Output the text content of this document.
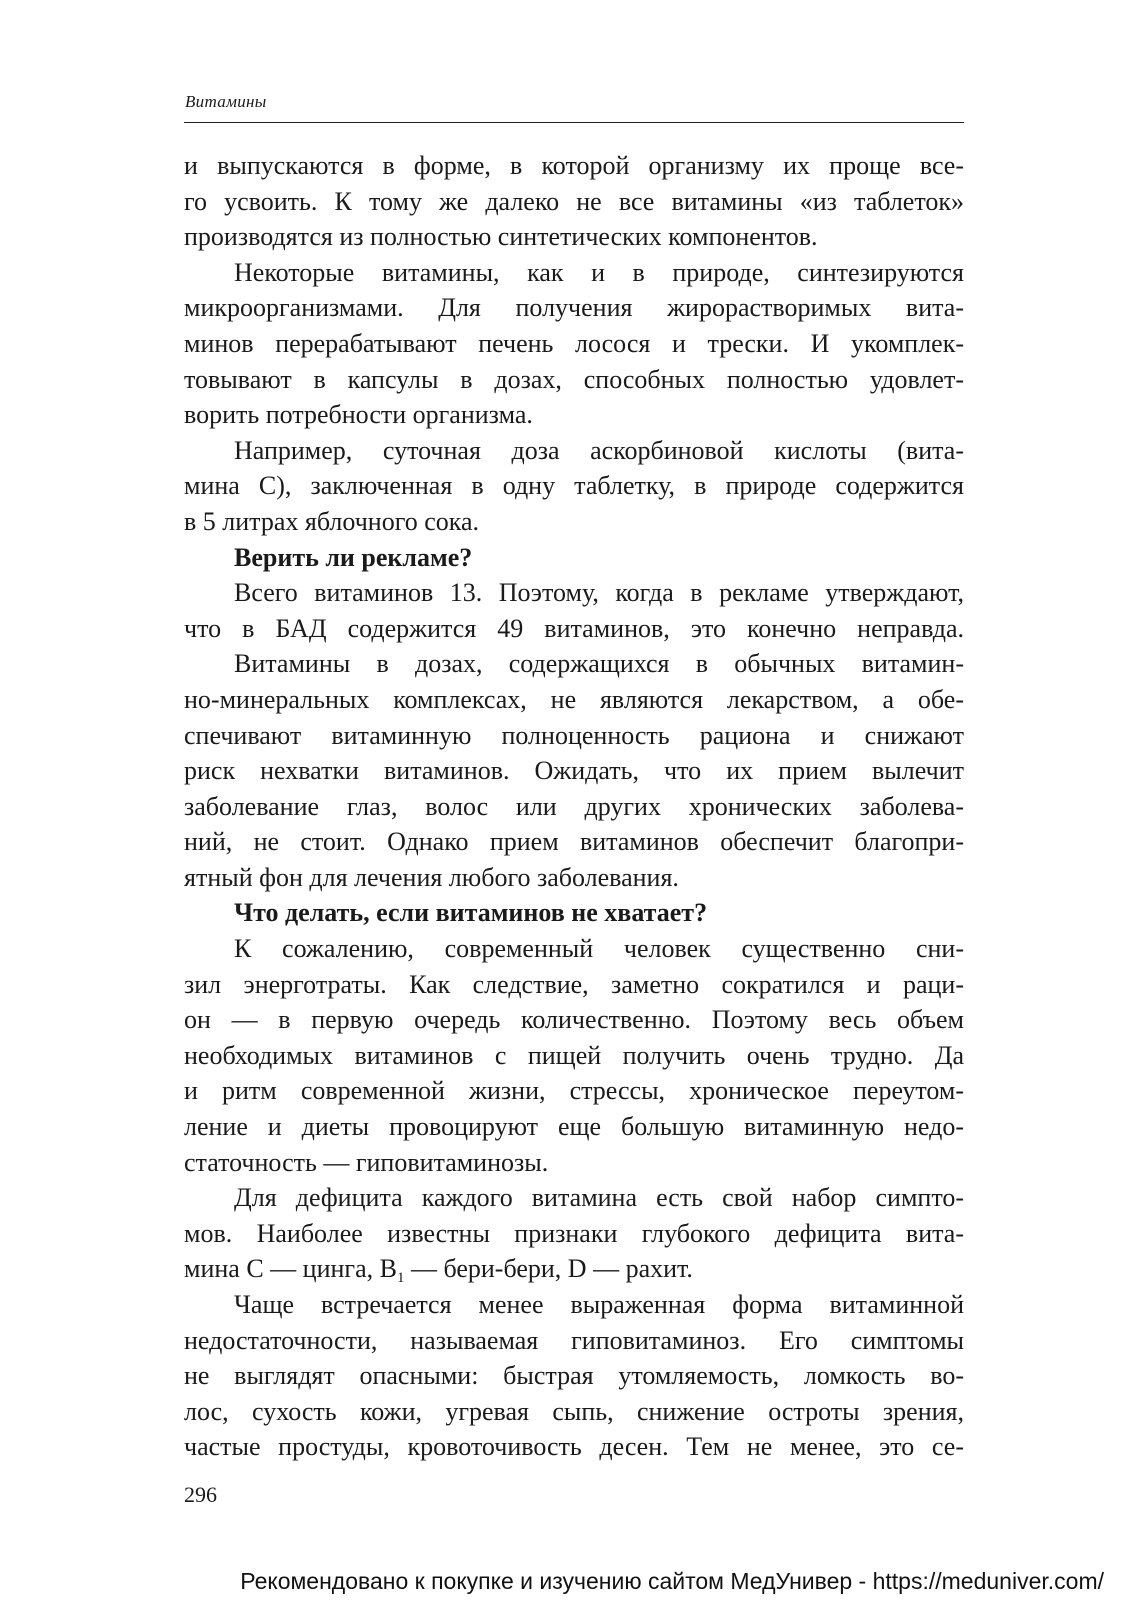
Витамины
и выпускаются в форме, в которой организму их проще все-
го усвоить. К тому же далеко не все витамины «из таблеток»
производятся из полностью синтетических компонентов.
Некоторые витамины, как и в природе, синтезируются
микроорганизмами. Для получения жирорастворимых вита-
минов перерабатывают печень лосося и трески. И укомплек-
товывают в капсулы в дозах, способных полностью удовлет-
ворить потребности организма.
Например, суточная доза аскорбиновой кислоты (вита-
мина С), заключенная в одну таблетку, в природе содержится
в 5 литрах яблочного сока.
Верить ли рекламе?
Всего витаминов 13. Поэтому, когда в рекламе утверждают,
что в БАД содержится 49 витаминов, это конечно неправда.
Витамины в дозах, содержащихся в обычных витамин-
но-минеральных комплексах, не являются лекарством, а обе-
спечивают витаминную полноценность рациона и снижают
риск нехватки витаминов. Ожидать, что их прием вылечит
заболевание глаз, волос или других хронических заболева-
ний, не стоит. Однако прием витаминов обеспечит благопри-
ятный фон для лечения любого заболевания.
Что делать, если витаминов не хватает?
К сожалению, современный человек существенно сни-
зил энерготраты. Как следствие, заметно сократился и раци-
он — в первую очередь количественно. Поэтому весь объем
необходимых витаминов с пищей получить очень трудно. Да
и ритм современной жизни, стрессы, хроническое переутом-
ление и диеты провоцируют еще большую витаминную недо-
статочность — гиповитаминозы.
Для дефицита каждого витамина есть свой набор симпто-
мов. Наиболее известны признаки глубокого дефицита вита-
мина С — цинга, $В_1$ — бери-бери, D — рахит.
Чаще встречается менее выраженная форма витаминной
недостаточности, называемая гиповитаминоз. Его симптомы
не выглядят опасными: быстрая утомляемость, ломкость во-
лос, сухость кожи, угревая сыпь, снижение остроты зрения,
частые простуды, кровоточивость десен. Тем не менее, это се-
296
Рекомендовано к покупке и изучению сайтом МедУнивер - https://meduniver.com/
